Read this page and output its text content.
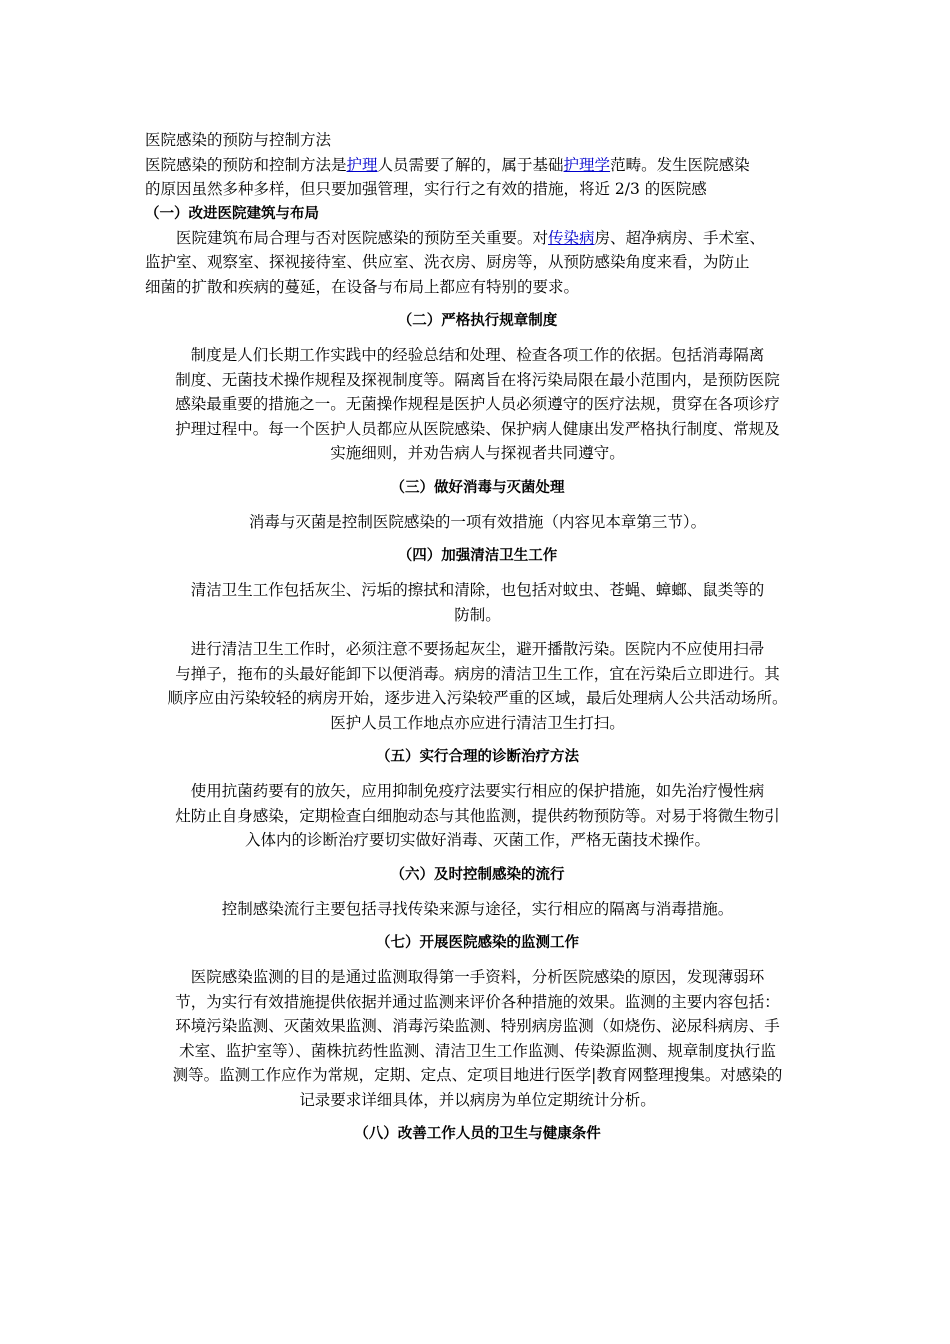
医院感染的预防与控制方法

医院感染的预防和控制方法是护理人员需要了解的，属于基础护理学范畴。发生医院感染

的原因虽然多种多样，但只要加强管理，实行行之有效的措施，将近 2/3 的医院感

（一）改进医院建筑与布局

医院建筑布局合理与否对医院感染的预防至关重要。对传染病房、超净病房、手术室、

监护室、观察室、探视接待室、供应室、洗衣房、厨房等，从预防感染角度来看，为防止

细菌的扩散和疾病的蔓延，在设备与布局上都应有特别的要求。

（二）严格执行规章制度

制度是人们长期工作实践中的经验总结和处理、检查各项工作的依据。包括消毒隔离

制度、无菌技术操作规程及探视制度等。隔离旨在将污染局限在最小范围内，是预防医院

感染最重要的措施之一。无菌操作规程是医护人员必须遵守的医疗法规，贯穿在各项诊疗

护理过程中。每一个医护人员都应从医院感染、保护病人健康出发严格执行制度、常规及

实施细则，并劝告病人与探视者共同遵守。

（三）做好消毒与灭菌处理

消毒与灭菌是控制医院感染的一项有效措施（内容见本章第三节）。

（四）加强清洁卫生工作

清洁卫生工作包括灰尘、污垢的擦拭和清除，也包括对蚊虫、苍蝇、蟑螂、鼠类等的

防制。

进行清洁卫生工作时，必须注意不要扬起灰尘，避开播散污染。医院内不应使用扫帚

与掸子，拖布的头最好能卸下以便消毒。病房的清洁卫生工作，宜在污染后立即进行。其

顺序应由污染较轻的病房开始，逐步进入污染较严重的区域，最后处理病人公共活动场所。

医护人员工作地点亦应进行清洁卫生打扫。

（五）实行合理的诊断治疗方法

使用抗菌药要有的放矢，应用抑制免疫疗法要实行相应的保护措施，如先治疗慢性病

灶防止自身感染，定期检查白细胞动态与其他监测，提供药物预防等。对易于将微生物引

入体内的诊断治疗要切实做好消毒、灭菌工作，严格无菌技术操作。

（六）及时控制感染的流行

控制感染流行主要包括寻找传染来源与途径，实行相应的隔离与消毒措施。

（七）开展医院感染的监测工作

医院感染监测的目的是通过监测取得第一手资料，分析医院感染的原因，发现薄弱环

节，为实行有效措施提供依据并通过监测来评价各种措施的效果。监测的主要内容包括：

环境污染监测、灭菌效果监测、消毒污染监测、特别病房监测（如烧伤、泌尿科病房、手

术室、监护室等）、菌株抗药性监测、清洁卫生工作监测、传染源监测、规章制度执行监

测等。监测工作应作为常规，定期、定点、定项目地进行医学|教育网整理搜集。对感染的

记录要求详细具体，并以病房为单位定期统计分析。

（八）改善工作人员的卫生与健康条件
